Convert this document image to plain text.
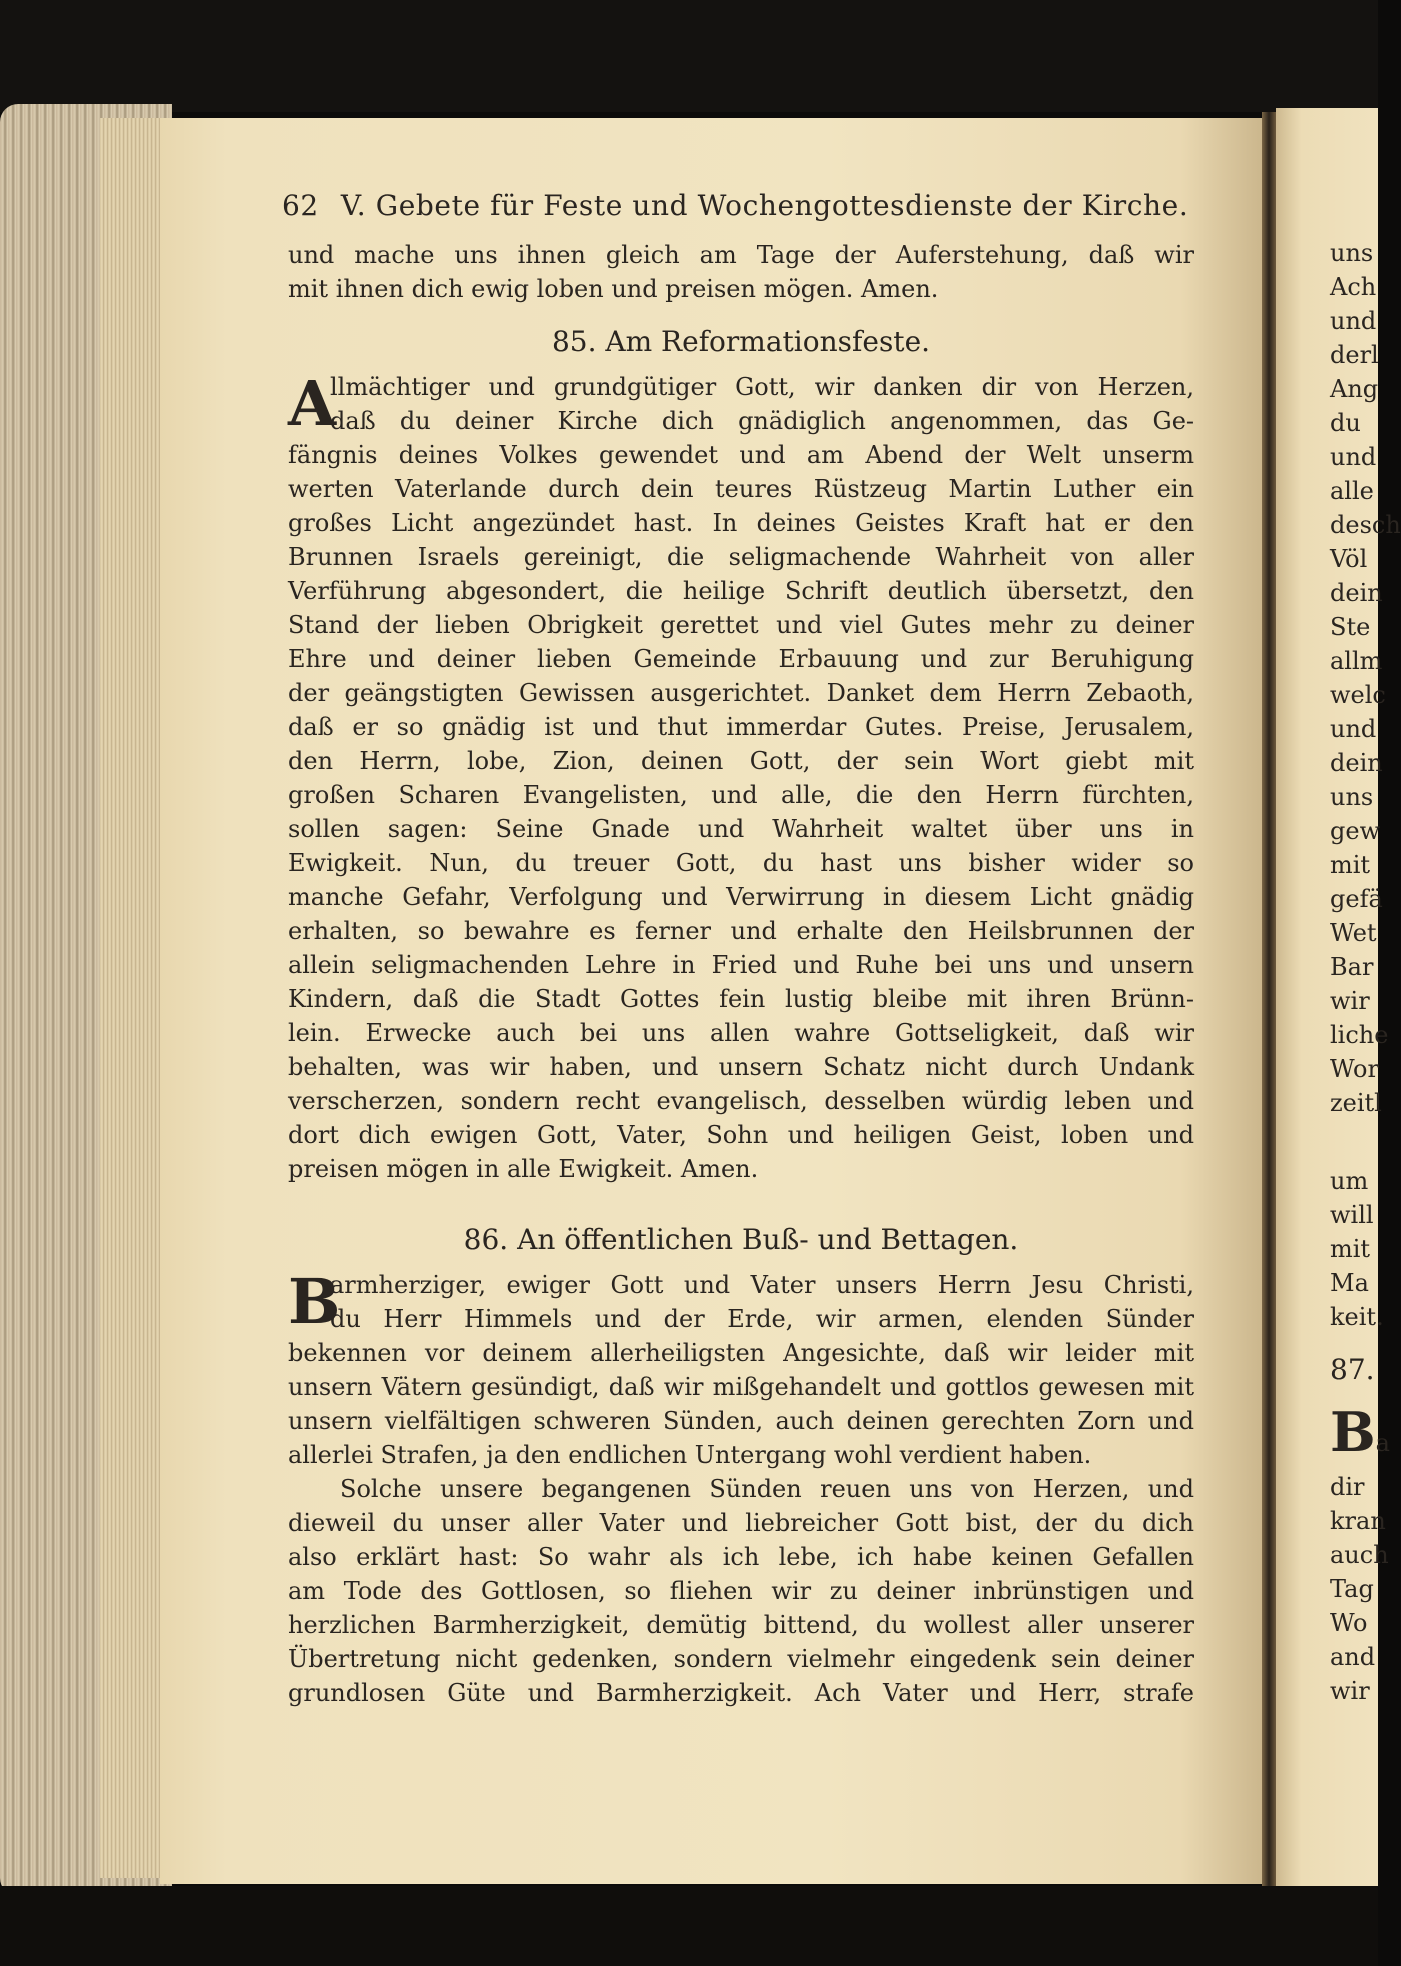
62 V. Gebete für Feste und Wochengottesdienste der Kirche.
und mache uns ihnen gleich am Tage der Auferstehung, daß wir
mit ihnen dich ewig loben und preisen mögen. Amen.
85. Am Reformationsfeste.
A
llmächtiger und grundgütiger Gott, wir danken dir von Herzen,
daß du deiner Kirche dich gnädiglich angenommen, das Ge-
fängnis deines Volkes gewendet und am Abend der Welt unserm
werten Vaterlande durch dein teures Rüstzeug Martin Luther ein
großes Licht angezündet hast. In deines Geistes Kraft hat er den
Brunnen Israels gereinigt, die seligmachende Wahrheit von aller
Verführung abgesondert, die heilige Schrift deutlich übersetzt, den
Stand der lieben Obrigkeit gerettet und viel Gutes mehr zu deiner
Ehre und deiner lieben Gemeinde Erbauung und zur Beruhigung
der geängstigten Gewissen ausgerichtet. Danket dem Herrn Zebaoth,
daß er so gnädig ist und thut immerdar Gutes. Preise, Jerusalem,
den Herrn, lobe, Zion, deinen Gott, der sein Wort giebt mit
großen Scharen Evangelisten, und alle, die den Herrn fürchten,
sollen sagen: Seine Gnade und Wahrheit waltet über uns in
Ewigkeit. Nun, du treuer Gott, du hast uns bisher wider so
manche Gefahr, Verfolgung und Verwirrung in diesem Licht gnädig
erhalten, so bewahre es ferner und erhalte den Heilsbrunnen der
allein seligmachenden Lehre in Fried und Ruhe bei uns und unsern
Kindern, daß die Stadt Gottes fein lustig bleibe mit ihren Brünn-
lein. Erwecke auch bei uns allen wahre Gottseligkeit, daß wir
behalten, was wir haben, und unsern Schatz nicht durch Undank
verscherzen, sondern recht evangelisch, desselben würdig leben und
dort dich ewigen Gott, Vater, Sohn und heiligen Geist, loben und
preisen mögen in alle Ewigkeit. Amen.
86. An öffentlichen Buß- und Bettagen.
B
armherziger, ewiger Gott und Vater unsers Herrn Jesu Christi,
du Herr Himmels und der Erde, wir armen, elenden Sünder
bekennen vor deinem allerheiligsten Angesichte, daß wir leider mit
unsern Vätern gesündigt, daß wir mißgehandelt und gottlos gewesen mit
unsern vielfältigen schweren Sünden, auch deinen gerechten Zorn und
allerlei Strafen, ja den endlichen Untergang wohl verdient haben.
Solche unsere begangenen Sünden reuen uns von Herzen, und
dieweil du unser aller Vater und liebreicher Gott bist, der du dich
also erklärt hast: So wahr als ich lebe, ich habe keinen Gefallen
am Tode des Gottlosen, so fliehen wir zu deiner inbrünstigen und
herzlichen Barmherzigkeit, demütig bittend, du wollest aller unserer
Übertretung nicht gedenken, sondern vielmehr eingedenk sein deiner
grundlosen Güte und Barmherzigkeit. Ach Vater und Herr, strafe
uns
Ach
und
derl
Ang
du
und
alle
desch
Völ
dein
Ste
allm
welc
und
dein
uns
gew
mit
gefä
Wet
Bar
wir
liche
Wor
zeitl
um
will
mit
Ma
keit.
87.
Ba
dir
kran
auch
Tag
Wo
and
wir
